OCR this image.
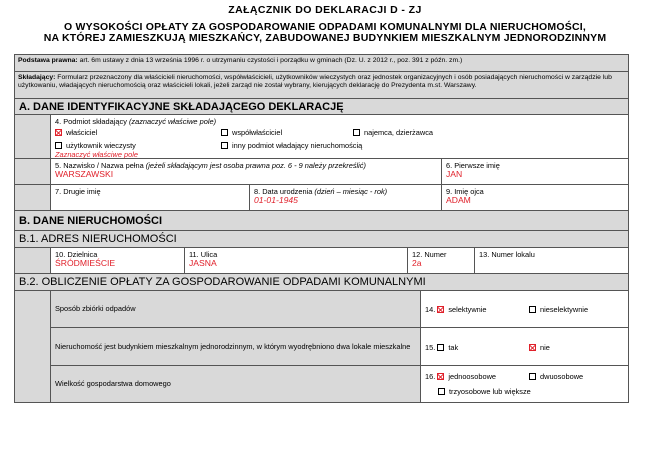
ZAŁĄCZNIK DO DEKLARACJI D - ZJ
O WYSOKOŚCI OPŁATY ZA GOSPODAROWANIE ODPADAMI KOMUNALNYMI DLA NIERUCHOMOŚCI,
NA KTÓREJ ZAMIESZKUJĄ MIESZKAŃCY, ZABUDOWANEJ BUDYNKIEM MIESZKALNYM JEDNORODZINNYM
Podstawa prawna: art. 6m ustawy z dnia 13 września 1996 r. o utrzymaniu czystości i porządku w gminach (Dz. U. z 2012 r., poz. 391 z późn. zm.)
Składający: Formularz przeznaczony dla właścicieli nieruchomości, współwłaścicieli, użytkowników wieczystych oraz jednostek organizacyjnych i osób posiadających nieruchomości w zarządzie lub użytkowaniu, władających nieruchomością oraz właścicieli lokali, jeżeli zarząd nie został wybrany, kierujących deklarację do Prezydenta m.st. Warszawy.
A. DANE IDENTYFIKACYJNE SKŁADAJĄCEGO DEKLARACJĘ
4. Podmiot składający (zaznaczyć właściwe pole)
właściciel	współwłaściciel	najemca, dzierżawca
użytkownik wieczysty	inny podmiot władający nieruchomością
Zaznaczyć właściwe pole
5. Nazwisko / Nazwa pełna (jeżeli składającym jest osoba prawna poz. 6 - 9 należy przekreślić)
WARSZAWSKI
6. Pierwsze imię
JAN
7. Drugie imię	8. Data urodzenia (dzień – miesiąc - rok)
01-01-1945
9. Imię ojca
ADAM
B. DANE NIERUCHOMOŚCI
B.1. ADRES NIERUCHOMOŚCI
10. Dzielnica
ŚRÓDMIEŚCIE
11. Ulica
JASNA
12. Numer
2a
13. Numer lokalu
B.2. OBLICZENIE OPŁATY ZA GOSPODAROWANIE ODPADAMI KOMUNALNYMI
Sposób zbiórki odpadów	14. selektywnie	nieselektywnie
Nieruchomość jest budynkiem mieszkalnym jednorodzinnym, w którym wyodrębniono dwa lokale mieszkalne	15. tak	nie
Wielkość gospodarstwa domowego
16. jednoosobowe	dwuosobowe
trzyosobowe lub większe
